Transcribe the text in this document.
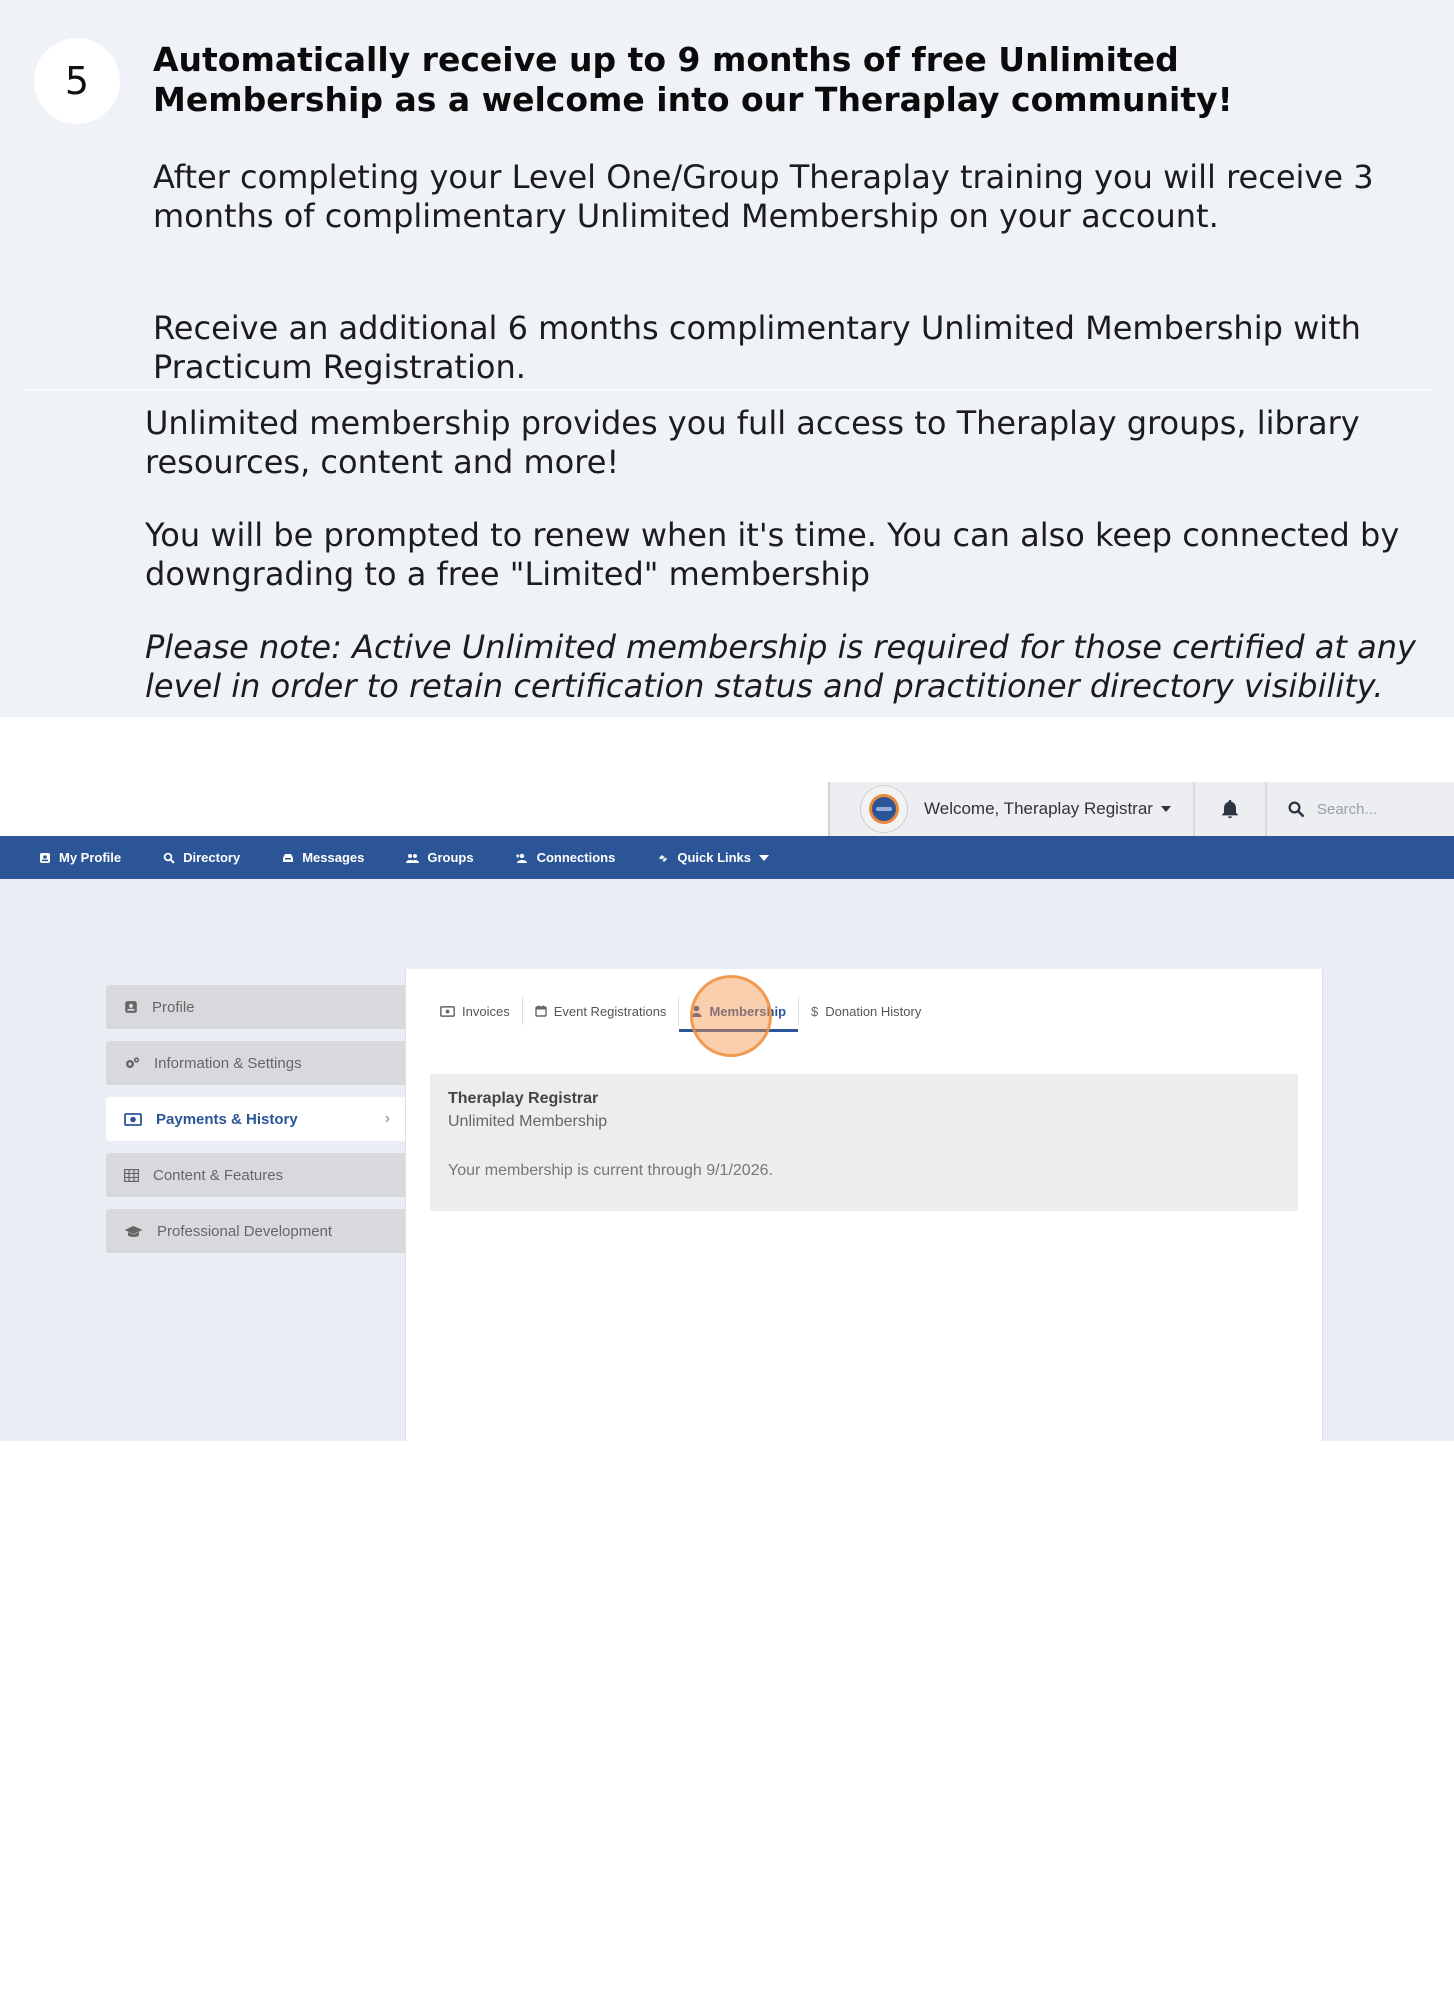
5	Automatically receive up to 9 months of free Unlimited Membership as a welcome into our Theraplay community!

After completing your Level One/Group Theraplay training you will receive 3 months of complimentary Unlimited Membership on your account.

Receive an additional 6 months complimentary Unlimited Membership with Practicum Registration.

Unlimited membership provides you full access to Theraplay groups, library resources, content and more!

You will be prompted to renew when it's time. You can also keep connected by downgrading to a free "Limited" membership

Please note: Active Unlimited membership is required for those certified at any level in order to retain certification status and practitioner directory visibility.

Welcome, Theraplay Registrar	Search...
My Profile	Directory	Messages	Groups	Connections	Quick Links
Profile
Information & Settings
Payments & History	›
Content & Features
Professional Development
Invoices	Event Registrations	Membership $ Donation History
Theraplay Registrar
Unlimited Membership
Your membership is current through 9/1/2026.
